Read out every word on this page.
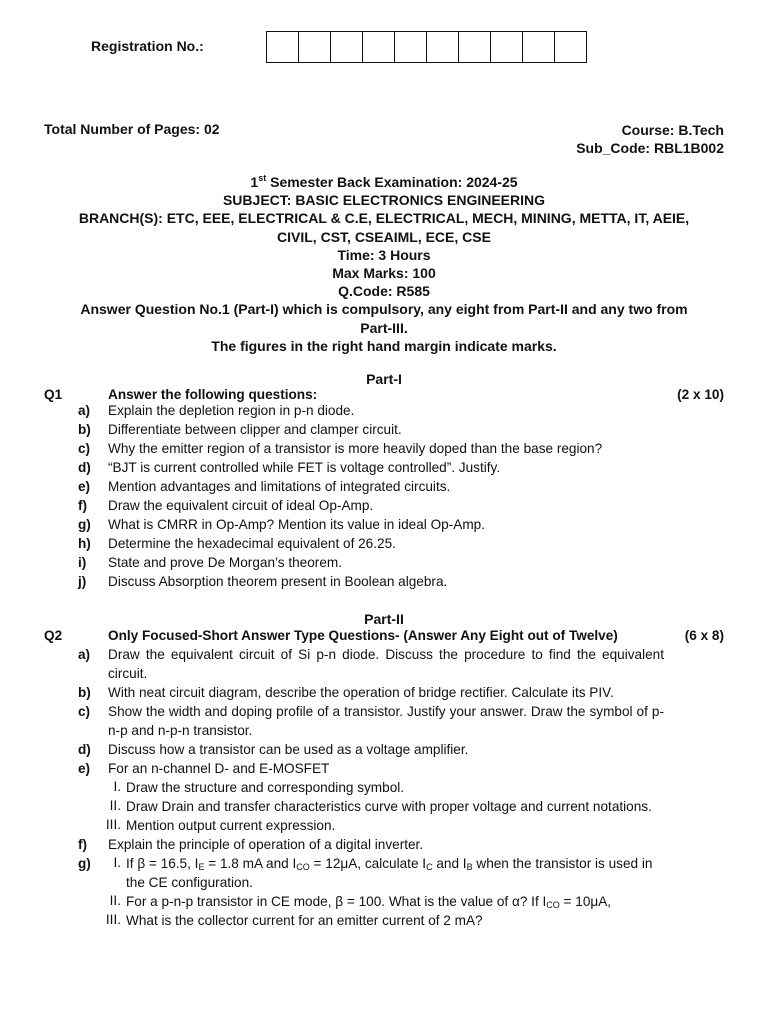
Registration No.:
Total Number of Pages: 02	Course: B.Tech
Sub_Code: RBL1B002
1st Semester Back Examination: 2024-25
SUBJECT: BASIC ELECTRONICS ENGINEERING
BRANCH(S): ETC, EEE, ELECTRICAL & C.E, ELECTRICAL, MECH, MINING, METTA, IT, AEIE,
CIVIL, CST, CSEAIML, ECE, CSE
Time: 3 Hours
Max Marks: 100
Q.Code: R585
Answer Question No.1 (Part-I) which is compulsory, any eight from Part-II and any two from
Part-III.
The figures in the right hand margin indicate marks.
Part-I
Q1	Answer the following questions:	(2 x 10)
a) Explain the depletion region in p-n diode.
b) Differentiate between clipper and clamper circuit.
c) Why the emitter region of a transistor is more heavily doped than the base region?
d) “BJT is current controlled while FET is voltage controlled”. Justify.
e) Mention advantages and limitations of integrated circuits.
f) Draw the equivalent circuit of ideal Op-Amp.
g) What is CMRR in Op-Amp? Mention its value in ideal Op-Amp.
h) Determine the hexadecimal equivalent of 26.25.
i) State and prove De Morgan’s theorem.
j) Discuss Absorption theorem present in Boolean algebra.
Part-II
Q2	Only Focused-Short Answer Type Questions- (Answer Any Eight out of Twelve)	(6 x 8)
a) Draw the equivalent circuit of Si p-n diode. Discuss the procedure to find the equivalent circuit.
b) With neat circuit diagram, describe the operation of bridge rectifier. Calculate its PIV.
c) Show the width and doping profile of a transistor. Justify your answer. Draw the symbol of p-n-p and n-p-n transistor.
d) Discuss how a transistor can be used as a voltage amplifier.
e) For an n-channel D- and E-MOSFET
I. Draw the structure and corresponding symbol.
II. Draw Drain and transfer characteristics curve with proper voltage and current notations.
III. Mention output current expression.
f) Explain the principle of operation of a digital inverter.
g)	I. If β = 16.5, $I_E = 1.8$ mA and $I_{CO} = 12\mu A$, calculate $I_C$ and $I_B$ when the transistor is used in
the CE configuration.
II. For a p-n-p transistor in CE mode, β = 100. What is the value of α? If $I_{CO} = 10\mu A$,
III. What is the collector current for an emitter current of 2 mA?
